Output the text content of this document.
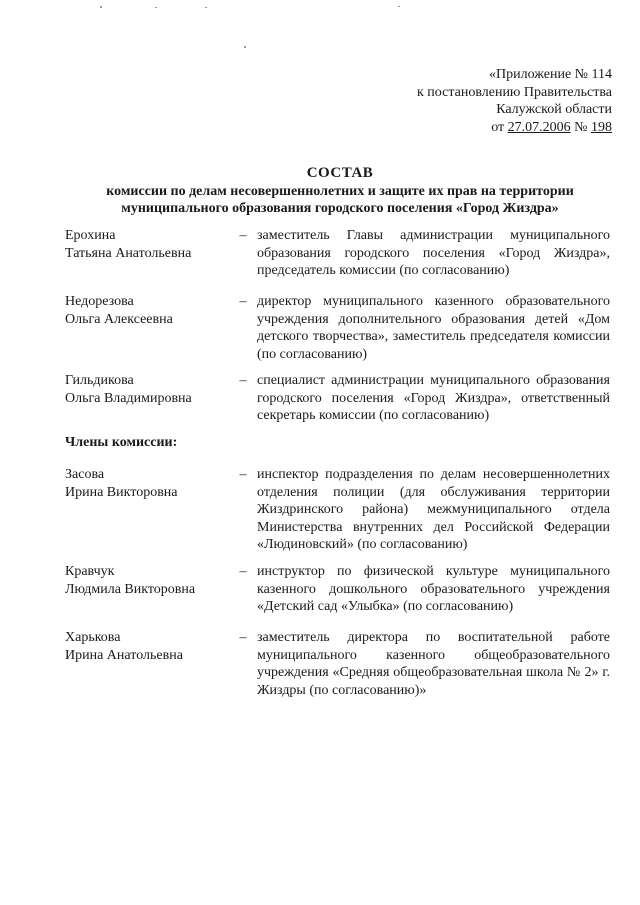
«Приложение № 114
к постановлению Правительства
Калужской области
от 27.07.2006 № 198
СОСТАВ
комиссии по делам несовершеннолетних и защите их прав на территории
муниципального образования городского поселения «Город Жиздра»
Ерохина
Татьяна Анатольевна
– заместитель Главы администрации муниципального образования городского поселения «Город Жиздра», председатель комиссии (по согласованию)
Недорезова
Ольга Алексеевна
– директор муниципального казенного образовательного учреждения дополнительного образования детей «Дом детского творчества», заместитель председателя комиссии (по согласованию)
Гильдикова
Ольга Владимировна
– специалист администрации муниципального образования городского поселения «Город Жиздра», ответственный секретарь комиссии (по согласованию)
Члены комиссии:
Засова
Ирина Викторовна
– инспектор подразделения по делам несовершеннолетних отделения полиции (для обслуживания территории Жиздринского района) межмуниципального отдела Министерства внутренних дел Российской Федерации «Людиновский» (по согласованию)
Кравчук
Людмила Викторовна
– инструктор по физической культуре муниципального казенного дошкольного образовательного учреждения «Детский сад «Улыбка» (по согласованию)
Харькова
Ирина Анатольевна
– заместитель директора по воспитательной работе муниципального казенного общеобразовательного учреждения «Средняя общеобразовательная школа № 2» г. Жиздры (по согласованию)»
